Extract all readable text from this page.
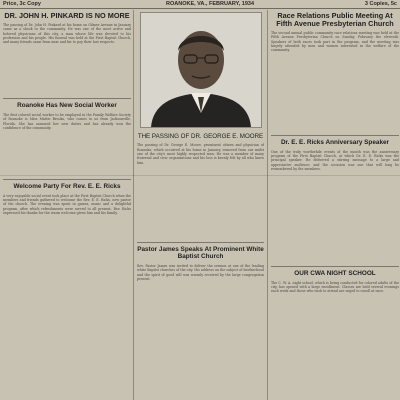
Price, 3c Copy	ROANOKE, VA., FEBRUARY, 1934	3 Copies, 5c
DR. JOHN H. PINKARD IS NO MORE
The passing of Dr. John H. Pinkard at his home on Gilmer Avenue in January came as a shock to the community. He was one of the most active and beloved physicians of this city, a man whose life was devoted to his profession and his people. His funeral was held at the First Baptist Church, and many friends came from near and far to pay their last respects.
Roanoke Has New Social Worker
The first colored social worker to be employed in the Family Welfare Society of Roanoke is Miss Mattie Brooks, who comes to us from Jacksonville, Florida. She has assumed her new duties and has already won the confidence of the community.
Welcome Party For Rev. E. E. Ricks
A very enjoyable social event took place at the First Baptist Church when the members and friends gathered to welcome the Rev. E. E. Ricks, new pastor of the church. The evening was spent in games, music and a delightful program, after which refreshments were served to all present. Rev. Ricks expressed his thanks for the warm welcome given him and his family.
THE PASSING OF DR. GEORGE E. MOORE
The passing of Dr. George E. Moore, prominent citizen and physician of Roanoke, which occurred at his home in January, removed from our midst one of the city's most highly respected men. He was a member of many fraternal and civic organizations and his loss is keenly felt by all who knew him.
Pastor James Speaks At Prominent White Baptist Church
Rev. Pastor James was invited to deliver the sermon at one of the leading white Baptist churches of the city. His address on the subject of brotherhood and the spirit of good will was warmly received by the large congregation present.
Race Relations Public Meeting At Fifth Avenue Presbyterian Church
The second annual public community race relations meeting was held at the Fifth Avenue Presbyterian Church on Sunday, February the eleventh. Speakers of both races took part in the program, and the meeting was largely attended by men and women interested in the welfare of the community.
Dr. E. E. Ricks Anniversary Speaker
One of the truly worthwhile events of the month was the anniversary program of the First Baptist Church, at which Dr. E. E. Ricks was the principal speaker. He delivered a stirring message to a large and appreciative audience, and the occasion was one that will long be remembered by the members.
OUR CWA NIGHT SCHOOL
The C. W. A. night school, which is being conducted for colored adults of the city, has opened with a large enrollment. Classes are held several evenings each week and those who wish to attend are urged to enroll at once.
